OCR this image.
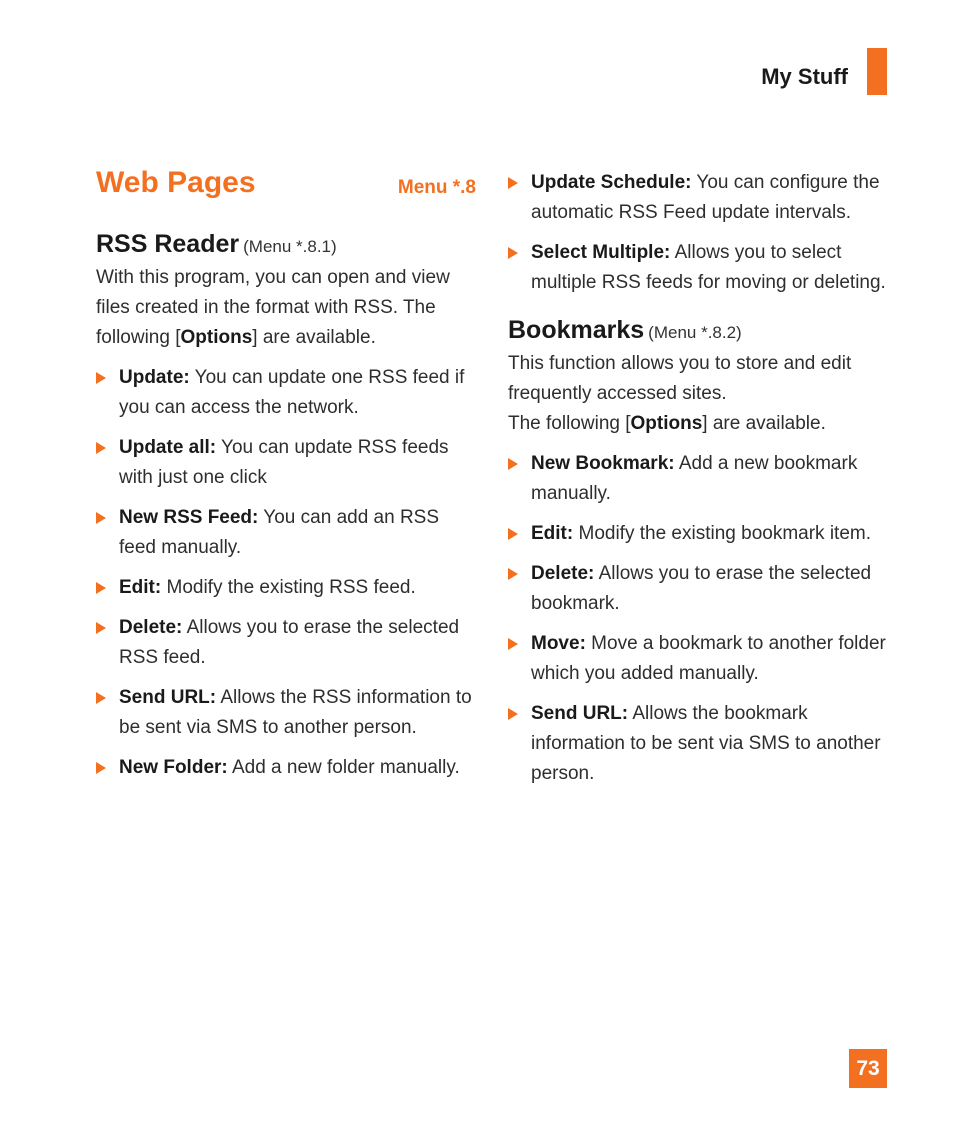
My Stuff
Web Pages	Menu *.8
RSS Reader (Menu *.8.1)

With this program, you can open and view files created in the format with RSS. The following [Options] are available.

Update: You can update one RSS feed if you can access the network.
Update all: You can update RSS feeds with just one click
New RSS Feed: You can add an RSS feed manually.
Edit: Modify the existing RSS feed.
Delete: Allows you to erase the selected RSS feed.
Send URL: Allows the RSS information to be sent via SMS to another person.
New Folder: Add a new folder manually.
Update Schedule: You can configure the automatic RSS Feed update intervals.
Select Multiple: Allows you to select multiple RSS feeds for moving or deleting.
Bookmarks (Menu *.8.2)

This function allows you to store and edit frequently accessed sites.

The following [Options] are available.

New Bookmark: Add a new bookmark manually.
Edit: Modify the existing bookmark item.
Delete: Allows you to erase the selected bookmark.
Move: Move a bookmark to another folder which you added manually.
Send URL: Allows the bookmark information to be sent via SMS to another person.
73
